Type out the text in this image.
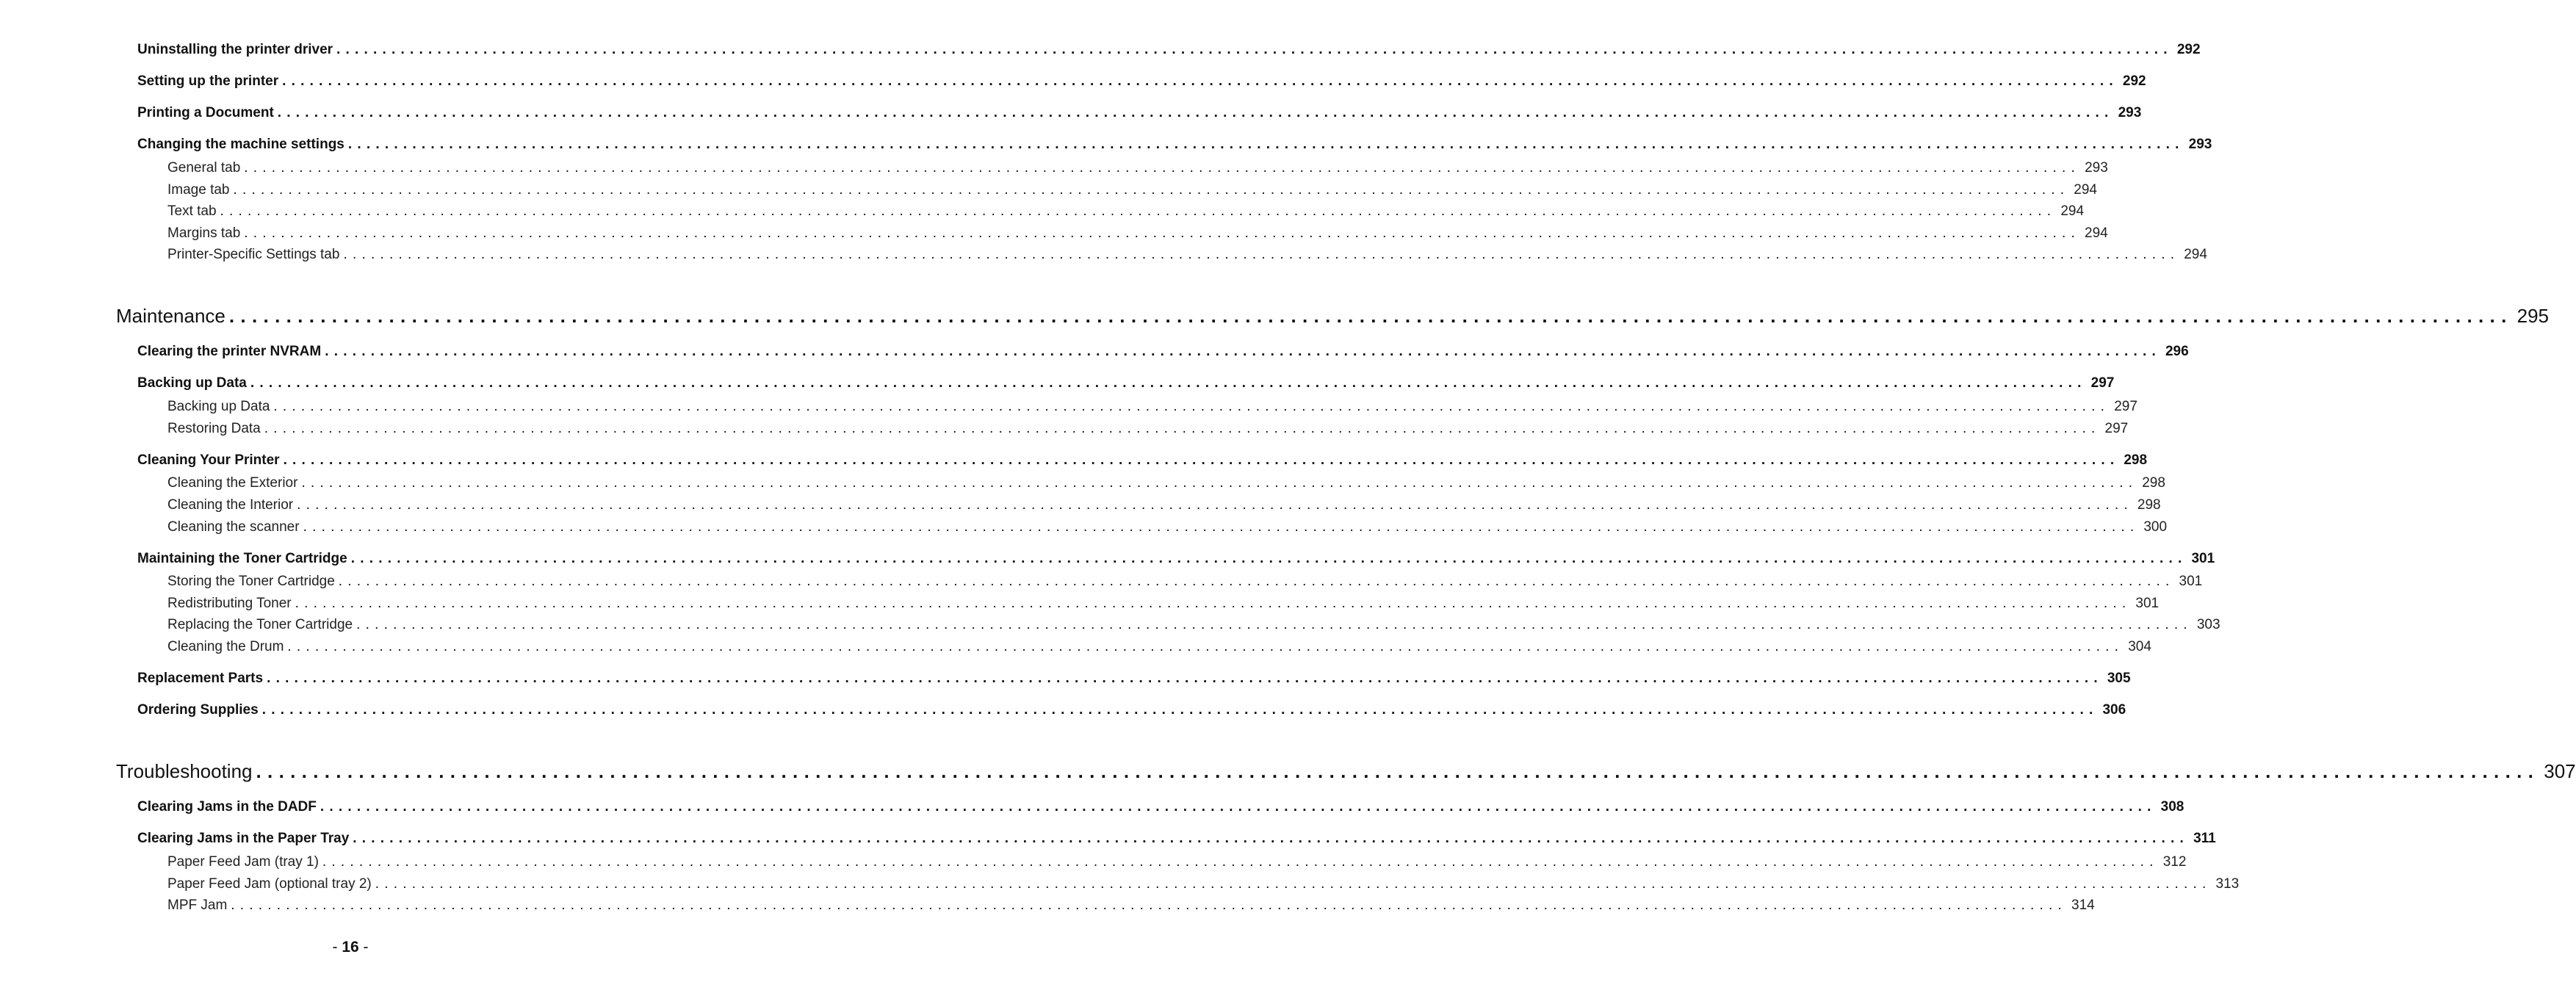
Uninstalling the printer driver ........................................................................................................................................................................................................ 292
Setting up the printer ........................................................................................................................................................................................................ 292
Printing a Document ........................................................................................................................................................................................................ 293
Changing the machine settings ........................................................................................................................................................................................................ 293
General tab ........................................................................................................................................................................................................ 293
Image tab ........................................................................................................................................................................................................ 294
Text tab ........................................................................................................................................................................................................ 294
Margins tab ........................................................................................................................................................................................................ 294
Printer-Specific Settings tab ........................................................................................................................................................................................................ 294
Maintenance ........................................................................................................................................................................................................ 295
Clearing the printer NVRAM ........................................................................................................................................................................................................ 296
Backing up Data ........................................................................................................................................................................................................ 297
Backing up Data ........................................................................................................................................................................................................ 297
Restoring Data ........................................................................................................................................................................................................ 297
Cleaning Your Printer ........................................................................................................................................................................................................ 298
Cleaning the Exterior ........................................................................................................................................................................................................ 298
Cleaning the Interior ........................................................................................................................................................................................................ 298
Cleaning the scanner ........................................................................................................................................................................................................ 300
Maintaining the Toner Cartridge ........................................................................................................................................................................................................ 301
Storing the Toner Cartridge ........................................................................................................................................................................................................ 301
Redistributing Toner ........................................................................................................................................................................................................ 301
Replacing the Toner Cartridge ........................................................................................................................................................................................................ 303
Cleaning the Drum ........................................................................................................................................................................................................ 304
Replacement Parts ........................................................................................................................................................................................................ 305
Ordering Supplies ........................................................................................................................................................................................................ 306
Troubleshooting ........................................................................................................................................................................................................ 307
Clearing Jams in the DADF ........................................................................................................................................................................................................ 308
Clearing Jams in the Paper Tray ........................................................................................................................................................................................................ 311
Paper Feed Jam (tray 1) ........................................................................................................................................................................................................ 312
Paper Feed Jam (optional tray 2) ........................................................................................................................................................................................................ 313
MPF Jam ........................................................................................................................................................................................................ 314
- 16 -
